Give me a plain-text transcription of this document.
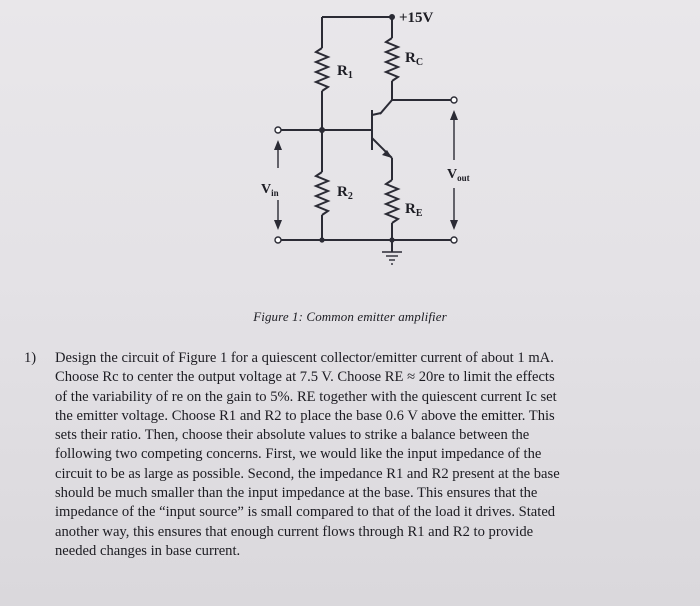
+15V
$R_1$
$R_C$
$R_2$
$R_E$
$V_{in}$
$V_{out}$
Figure 1: Common emitter amplifier
1) Design the circuit of Figure 1 for a quiescent collector/emitter current of about 1 mA.
Choose Rc to center the output voltage at 7.5 V. Choose RE ≈ 20re to limit the effects
of the variability of re on the gain to 5%. RE together with the quiescent current Ic set
the emitter voltage. Choose R1 and R2 to place the base 0.6 V above the emitter. This
sets their ratio. Then, choose their absolute values to strike a balance between the
following two competing concerns. First, we would like the input impedance of the
circuit to be as large as possible. Second, the impedance R1 and R2 present at the base
should be much smaller than the input impedance at the base. This ensures that the
impedance of the “input source” is small compared to that of the load it drives. Stated
another way, this ensures that enough current flows through R1 and R2 to provide
needed changes in base current.
